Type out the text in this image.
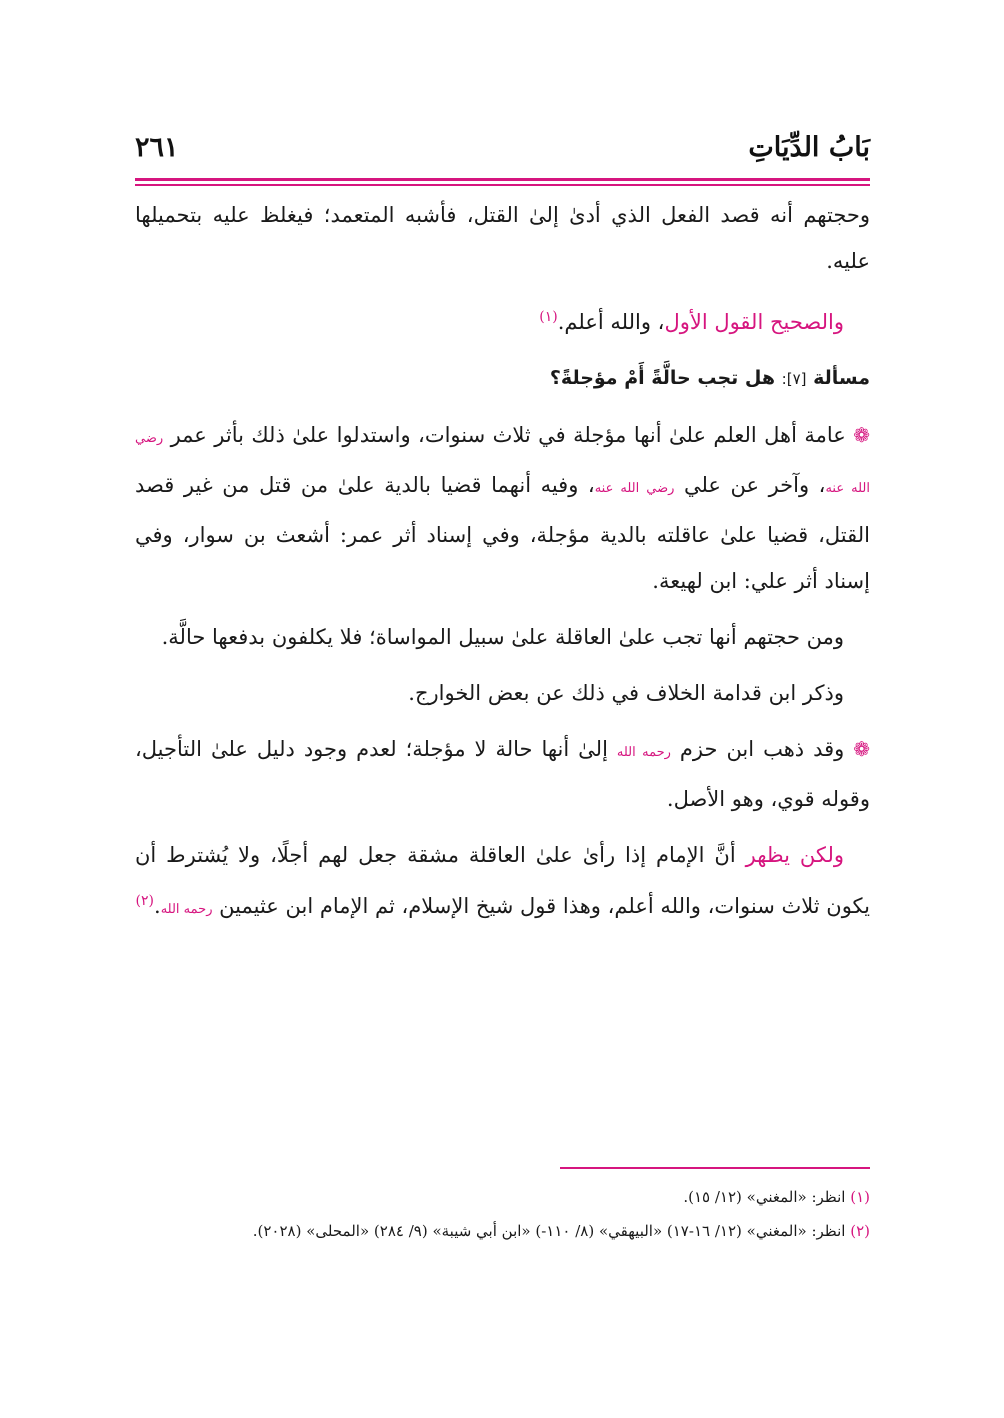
بَابُ الدِّيَاتِ
٢٦١

وحجتهم أنه قصد الفعل الذي أدىٰ إلىٰ القتل، فأشبه المتعمد؛ فيغلظ عليه بتحميلها عليه.

والصحيح القول الأول، والله أعلم.$^{(١)}$

مسألة [٧]: هل تجب حالَّةً أَمْ مؤجلةً؟

❁ عامة أهل العلم علىٰ أنها مؤجلة في ثلاث سنوات، واستدلوا علىٰ ذلك بأثر عمر رضي الله عنه، وآخر عن علي رضي الله عنه، وفيه أنهما قضيا بالدية علىٰ من قتل من غير قصد القتل، قضيا علىٰ عاقلته بالدية مؤجلة، وفي إسناد أثر عمر: أشعث بن سوار، وفي إسناد أثر علي: ابن لهيعة.

ومن حجتهم أنها تجب علىٰ العاقلة علىٰ سبيل المواساة؛ فلا يكلفون بدفعها حالَّة.

وذكر ابن قدامة الخلاف في ذلك عن بعض الخوارج.

❁ وقد ذهب ابن حزم رحمه الله إلىٰ أنها حالة لا مؤجلة؛ لعدم وجود دليل علىٰ التأجيل، وقوله قوي، وهو الأصل.

ولكن يظهر أنَّ الإمام إذا رأىٰ علىٰ العاقلة مشقة جعل لهم أجلًا، ولا يُشترط أن يكون ثلاث سنوات، والله أعلم، وهذا قول شيخ الإسلام، ثم الإمام ابن عثيمين رحمه الله.$^{(٢)}$

(١) انظر: «المغني» (١٢/ ١٥).

(٢) انظر: «المغني» (١٢/ ١٦-١٧) «البيهقي» (٨/ ١١٠-) «ابن أبي شيبة» (٩/ ٢٨٤) «المحلى» (٢٠٢٨).
